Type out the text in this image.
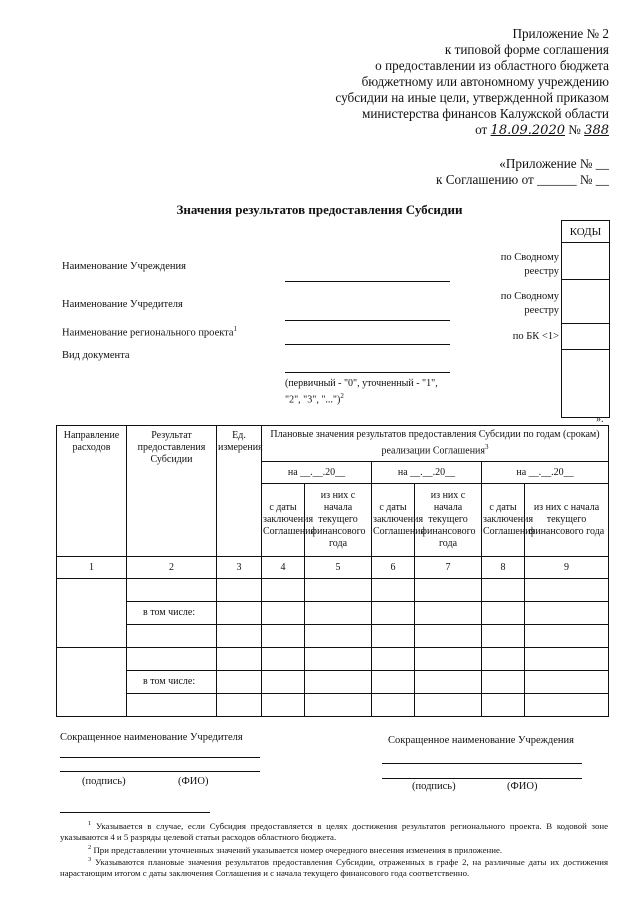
Приложение № 2
к типовой форме соглашения
о предоставлении из областного бюджета
бюджетному или автономному учреждению
субсидии на иные цели, утвержденной приказом
министерства финансов Калужской области
от 18.09.2020 № 388
«Приложение № __
к Соглашению от ______ № __
Значения результатов предоставления Субсидии
КОДЫ
по Сводному
реестру
по Сводному
реестру
по БК <1>
Наименование Учреждения
Наименование Учредителя
Наименование регионального проекта$^1$
Вид документа
(первичный - "0", уточненный - "1", "2", "3", "...")$^2$
».
Направление расходов	Результат предоставления Субсидии	Ед. измерения	Плановые значения результатов предоставления Субсидии по годам (срокам) реализации Соглашения$^3$
			на __.__.20__		на __.__.20__		на __.__.20__	
			с даты заключения Соглашения	из них с начала текущего финансового года	с даты заключения Соглашения	из них с начала текущего финансового года	с даты заключения Соглашения	из них с начала текущего финансового года
1	2	3	4	5	6	7	8	9

	в том числе:							

	в том числе:							

Сокращенное наименование Учредителя
(подпись)	(ФИО)
Сокращенное наименование Учреждения
(подпись)	(ФИО)
$^1$ Указывается в случае, если Субсидия предоставляется в целях достижения результатов регионального проекта. В кодовой зоне указываются 4 и 5 разряды целевой статьи расходов областного бюджета.
$^2$ При представлении уточненных значений указывается номер очередного внесения изменения в приложение.
$^3$ Указываются плановые значения результатов предоставления Субсидии, отраженных в графе 2, на различные даты их достижения нарастающим итогом с даты заключения Соглашения и с начала текущего финансового года соответственно.
